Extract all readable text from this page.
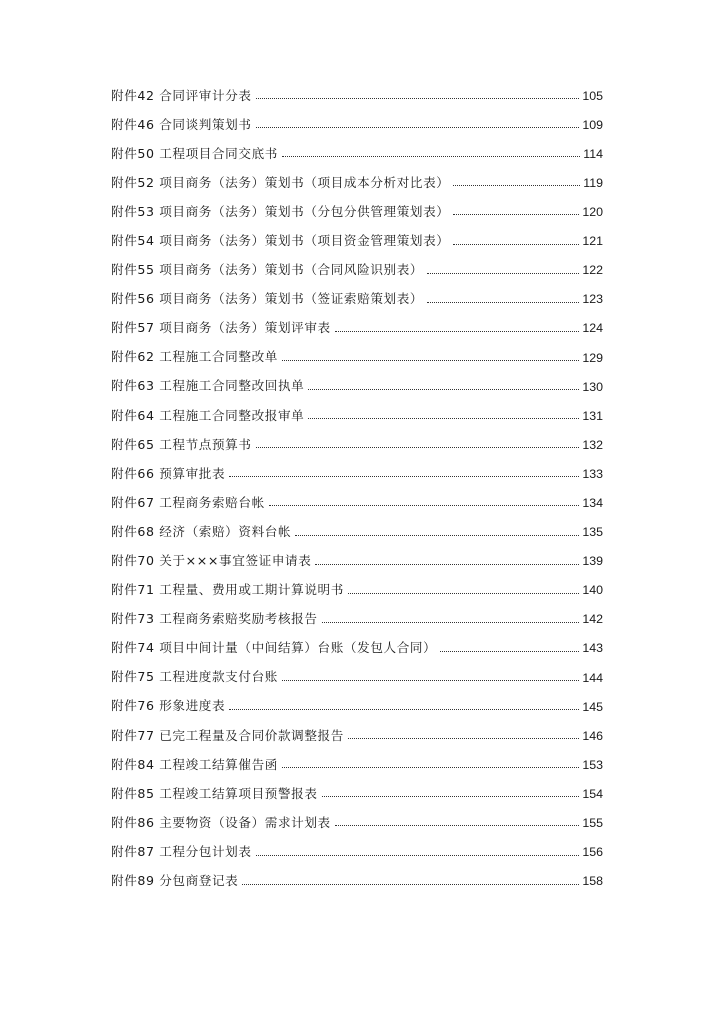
附件42 合同评审计分表	105
附件46 合同谈判策划书	109
附件50 工程项目合同交底书	114
附件52 项目商务（法务）策划书（项目成本分析对比表）	119
附件53 项目商务（法务）策划书（分包分供管理策划表）	120
附件54 项目商务（法务）策划书（项目资金管理策划表）	121
附件55 项目商务（法务）策划书（合同风险识别表）	122
附件56 项目商务（法务）策划书（签证索赔策划表）	123
附件57 项目商务（法务）策划评审表	124
附件62 工程施工合同整改单	129
附件63 工程施工合同整改回执单	130
附件64 工程施工合同整改报审单	131
附件65 工程节点预算书	132
附件66 预算审批表	133
附件67 工程商务索赔台帐	134
附件68 经济（索赔）资料台帐	135
附件70 关于×××事宜签证申请表	139
附件71 工程量、费用或工期计算说明书	140
附件73 工程商务索赔奖励考核报告	142
附件74 项目中间计量（中间结算）台账（发包人合同）	143
附件75 工程进度款支付台账	144
附件76 形象进度表	145
附件77 已完工程量及合同价款调整报告	146
附件84 工程竣工结算催告函	153
附件85 工程竣工结算项目预警报表	154
附件86 主要物资（设备）需求计划表	155
附件87 工程分包计划表	156
附件89 分包商登记表	158
